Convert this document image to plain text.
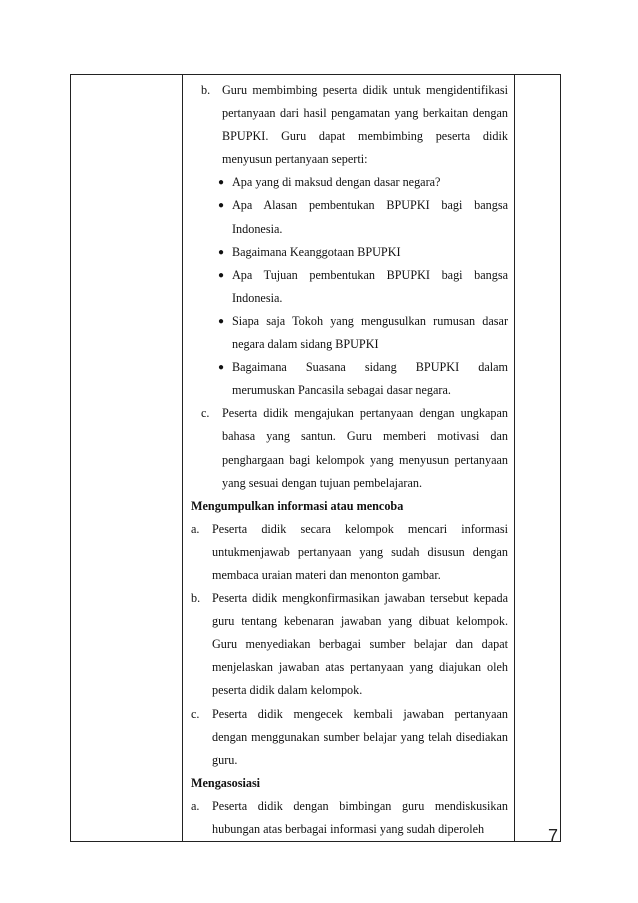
b. Guru membimbing peserta didik untuk mengidentifikasi pertanyaan dari hasil pengamatan yang berkaitan dengan BPUPKI. Guru dapat membimbing peserta didik menyusun pertanyaan seperti:
● Apa yang di maksud dengan dasar negara?
● Apa Alasan pembentukan BPUPKI bagi bangsa Indonesia.
● Bagaimana Keanggotaan BPUPKI
● Apa Tujuan pembentukan BPUPKI bagi bangsa Indonesia.
● Siapa saja Tokoh yang mengusulkan rumusan dasar negara dalam sidang BPUPKI
● Bagaimana Suasana sidang BPUPKI dalam merumuskan Pancasila sebagai dasar negara.
c.	Peserta didik mengajukan pertanyaan dengan ungkapan bahasa yang santun. Guru memberi motivasi dan penghargaan bagi kelompok yang menyusun pertanyaan yang sesuai dengan tujuan pembelajaran.
Mengumpulkan informasi atau mencoba
a.	Peserta didik secara kelompok mencari informasi untukmenjawab pertanyaan yang sudah disusun dengan membaca uraian materi dan menonton gambar.
b. Peserta didik mengkonfirmasikan jawaban tersebut kepada guru tentang kebenaran jawaban yang dibuat kelompok. Guru menyediakan berbagai sumber belajar dan dapat menjelaskan jawaban atas pertanyaan yang diajukan oleh peserta didik dalam kelompok.
c.	Peserta didik mengecek kembali jawaban pertanyaan dengan menggunakan sumber belajar yang telah disediakan guru.
Mengasosiasi
a.	Peserta didik dengan bimbingan guru mendiskusikan hubungan atas berbagai informasi yang sudah diperoleh
		7
